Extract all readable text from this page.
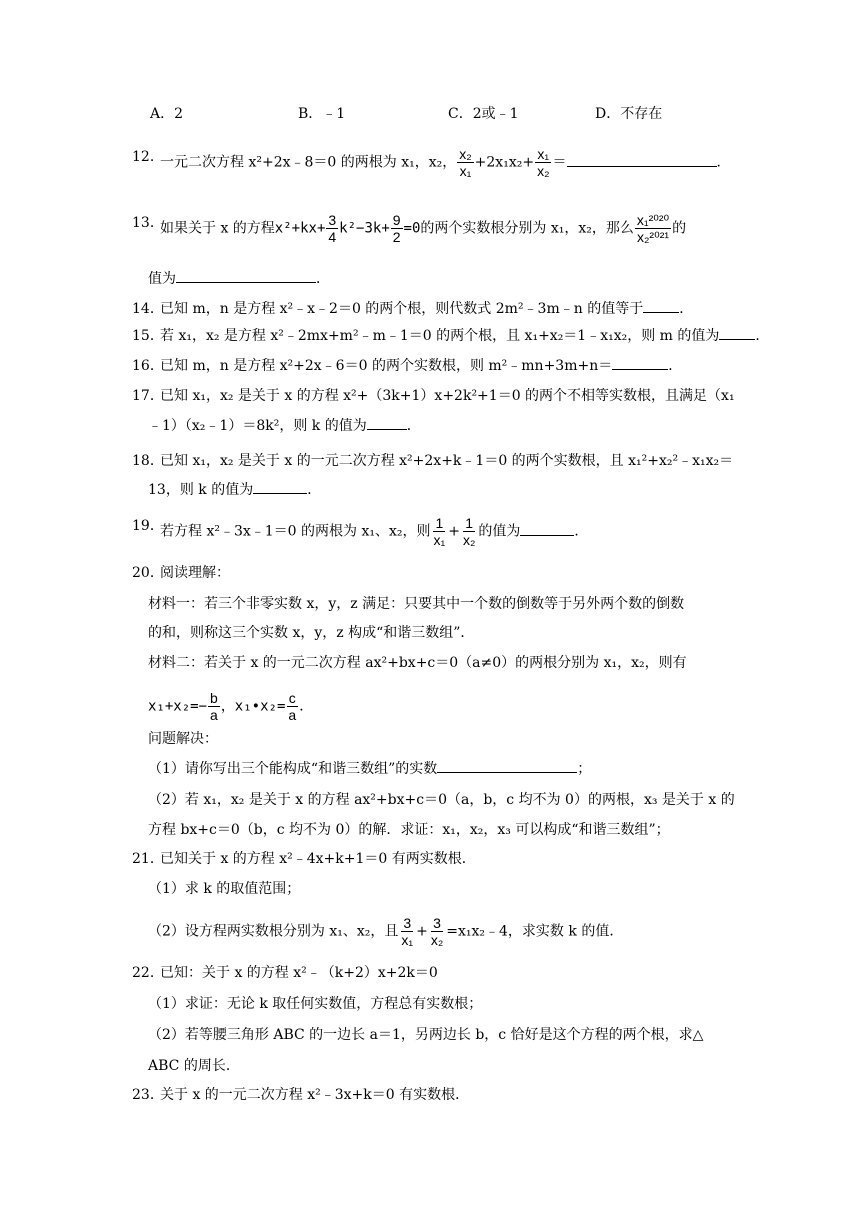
A．2	B．﹣1	C．2或﹣1	D．不存在
12．
一元二次方程 x²+2x﹣8＝0 的两根为 x₁，x₂， $\frac{\text{x₂}}{\text{x₁}} +2x_1x_2+ \frac{\text{x₁}}{\text{x₂}}$ ＝	．
13．
如果关于 x 的方程$x^2+kx+ \frac{3}{4} k^2-3k+ \frac{9}{2} =0$的两个实数根分别为 x₁，x₂，那么 $\frac{\text{x₁²⁰²⁰}}{\text{x₂²⁰²¹}}$ 的
值为	．
14．
已知 m，n 是方程 x²﹣x﹣2＝0 的两个根，则代数式 2m²﹣3m﹣n 的值等于	．
15．
若 x₁，x₂ 是方程 x²﹣2mx+m²﹣m﹣1＝0 的两个根，且 x₁+x₂＝1﹣x₁x₂，则 m 的值为	．
16．
已知 m，n 是方程 x²+2x﹣6＝0 的两个实数根，则 m²﹣mn+3m+n＝	．
17．
已知 x₁，x₂ 是关于 x 的方程 x²+（3k+1）x+2k²+1＝0 的两个不相等实数根，且满足（x₁
﹣1）（x₂﹣1）＝8k²，则 k 的值为	．
18．
已知 x₁，x₂ 是关于 x 的一元二次方程 x²+2x+k﹣1＝0 的两个实数根，且 x₁²+x₂²﹣x₁x₂＝
13，则 k 的值为	．
19．
若方程 x²﹣3x﹣1＝0 的两根为 x₁、x₂，则 $\frac{1}{\text{x₁}} + \frac{1}{\text{x₂}}$ 的值为	．
20．
阅读理解：
材料一：若三个非零实数 x，y，z 满足：只要其中一个数的倒数等于另外两个数的倒数
的和，则称这三个实数 x，y，z 构成“和谐三数组”．
材料二：若关于 x 的一元二次方程 ax²+bx+c＝0（a≠0）的两根分别为 x₁，x₂，则有
$x_1+x_2=- \frac{b}{a}$ ，x₁•x₂= $\frac{c}{a}$ ．
问题解决：
（1）请你写出三个能构成“和谐三数组”的实数	；
（2）若 x₁，x₂ 是关于 x 的方程 ax²+bx+c＝0（a，b，c 均不为 0）的两根，x₃ 是关于 x 的
方程 bx+c＝0（b，c 均不为 0）的解．求证：x₁，x₂，x₃ 可以构成“和谐三数组”；
21．
已知关于 x 的方程 x²﹣4x+k+1＝0 有两实数根．
（1）求 k 的取值范围；
（2）设方程两实数根分别为 x₁、x₂，且 $\frac{3}{\text{x₁}} + \frac{3}{\text{x₂}}$ =x₁x₂﹣4，求实数 k 的值．
22．
已知：关于 x 的方程 x²﹣（k+2）x+2k＝0
（1）求证：无论 k 取任何实数值，方程总有实数根；
（2）若等腰三角形 ABC 的一边长 a＝1，另两边长 b，c 恰好是这个方程的两个根，求△
ABC 的周长．
23．
关于 x 的一元二次方程 x²﹣3x+k＝0 有实数根．
